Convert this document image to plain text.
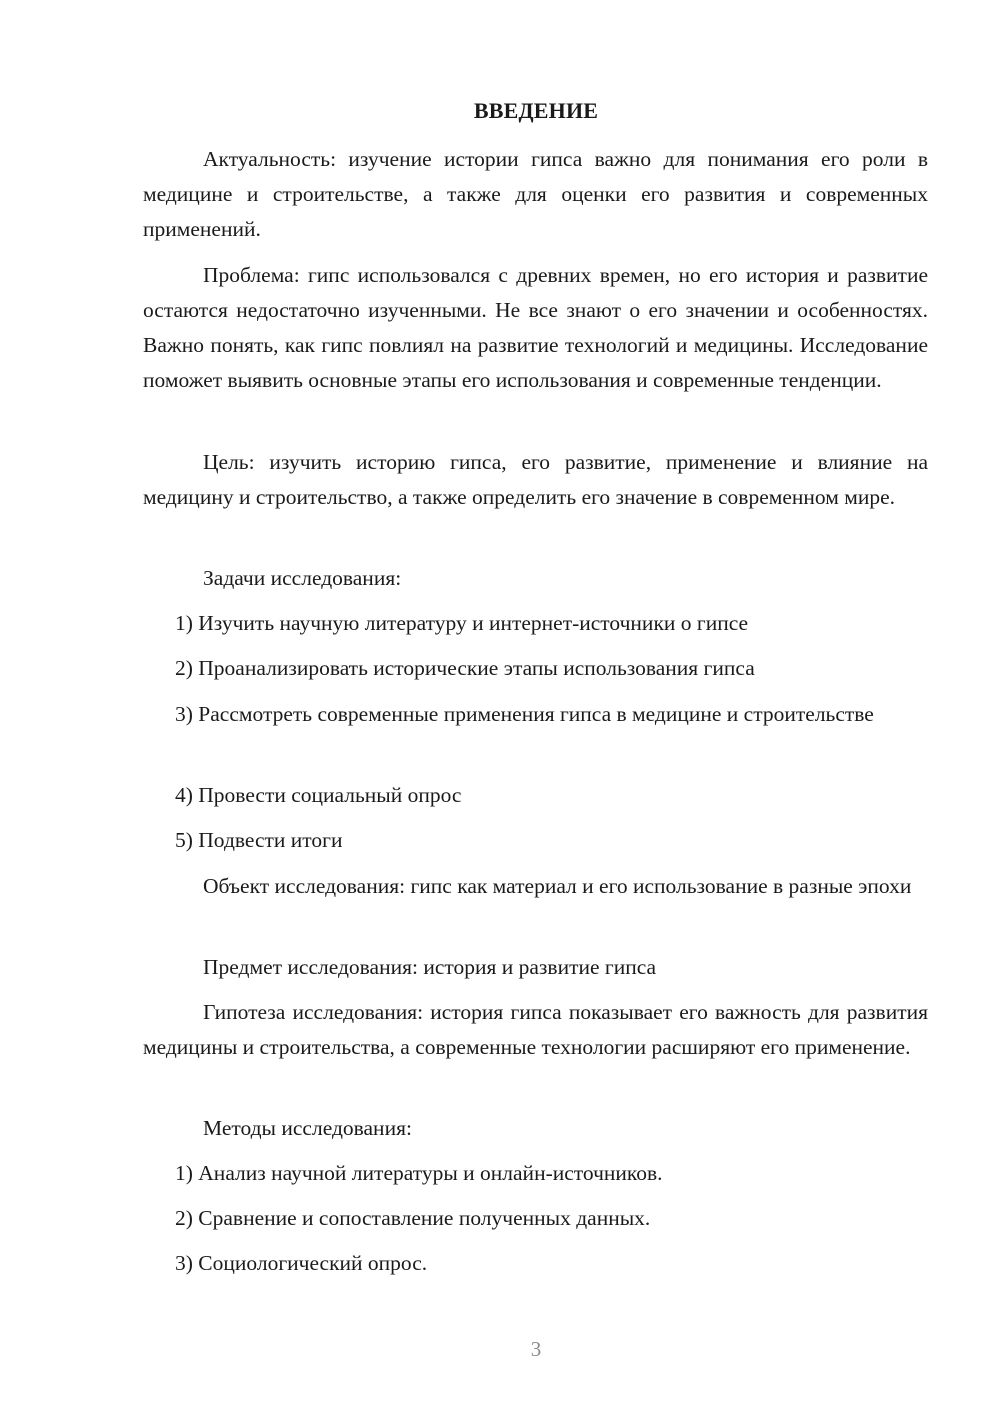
ВВЕДЕНИЕ

Актуальность: изучение истории гипса важно для понимания его роли в медицине и строительстве, а также для оценки его развития и современных применений.

Проблема: гипс использовался с древних времен, но его история и развитие остаются недостаточно изученными. Не все знают о его значении и особенностях. Важно понять, как гипс повлиял на развитие технологий и медицины. Исследование поможет выявить основные этапы его использования и современные тенденции.

Цель: изучить историю гипса, его развитие, применение и влияние на медицину и строительство, а также определить его значение в современном мире.

Задачи исследования:

1) Изучить научную литературу и интернет-источники о гипсе

2) Проанализировать исторические этапы использования гипса

3) Рассмотреть современные применения гипса в медицине и строительстве

4) Провести социальный опрос

5) Подвести итоги

Объект исследования: гипс как материал и его использование в разные эпохи

Предмет исследования: история и развитие гипса

Гипотеза исследования: история гипса показывает его важность для развития медицины и строительства, а современные технологии расширяют его применение.

Методы исследования:

1) Анализ научной литературы и онлайн-источников.

2) Сравнение и сопоставление полученных данных.

3) Социологический опрос.

3
